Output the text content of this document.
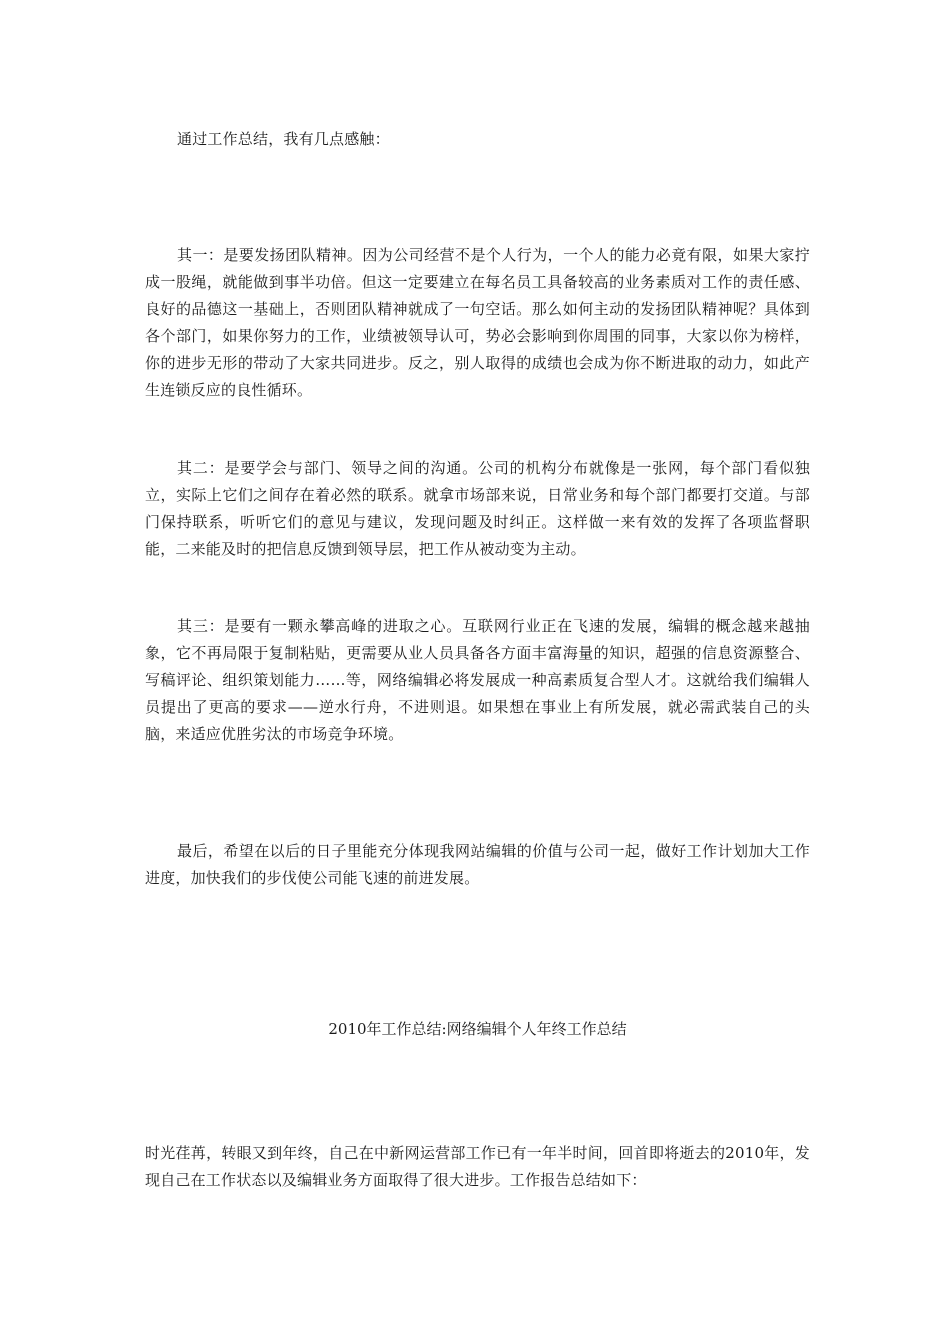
通过工作总结，我有几点感触：

其一：是要发扬团队精神。因为公司经营不是个人行为，一个人的能力必竟有限，如果大家拧成一股绳，就能做到事半功倍。但这一定要建立在每名员工具备较高的业务素质对工作的责任感、良好的品德这一基础上，否则团队精神就成了一句空话。那么如何主动的发扬团队精神呢？具体到各个部门，如果你努力的工作，业绩被领导认可，势必会影响到你周围的同事，大家以你为榜样，你的进步无形的带动了大家共同进步。反之，别人取得的成绩也会成为你不断进取的动力，如此产生连锁反应的良性循环。

其二：是要学会与部门、领导之间的沟通。公司的机构分布就像是一张网，每个部门看似独立，实际上它们之间存在着必然的联系。就拿市场部来说，日常业务和每个部门都要打交道。与部门保持联系，听听它们的意见与建议，发现问题及时纠正。这样做一来有效的发挥了各项监督职能，二来能及时的把信息反馈到领导层，把工作从被动变为主动。

其三：是要有一颗永攀高峰的进取之心。互联网行业正在飞速的发展，编辑的概念越来越抽象，它不再局限于复制粘贴，更需要从业人员具备各方面丰富海量的知识，超强的信息资源整合、写稿评论、组织策划能力……等，网络编辑必将发展成一种高素质复合型人才。这就给我们编辑人员提出了更高的要求——逆水行舟，不进则退。如果想在事业上有所发展，就必需武装自己的头脑，来适应优胜劣汰的市场竞争环境。

最后，希望在以后的日子里能充分体现我网站编辑的价值与公司一起，做好工作计划加大工作进度，加快我们的步伐使公司能飞速的前进发展。

2010年工作总结:网络编辑个人年终工作总结

时光荏苒，转眼又到年终，自己在中新网运营部工作已有一年半时间，回首即将逝去的2010年，发现自己在工作状态以及编辑业务方面取得了很大进步。工作报告总结如下：
